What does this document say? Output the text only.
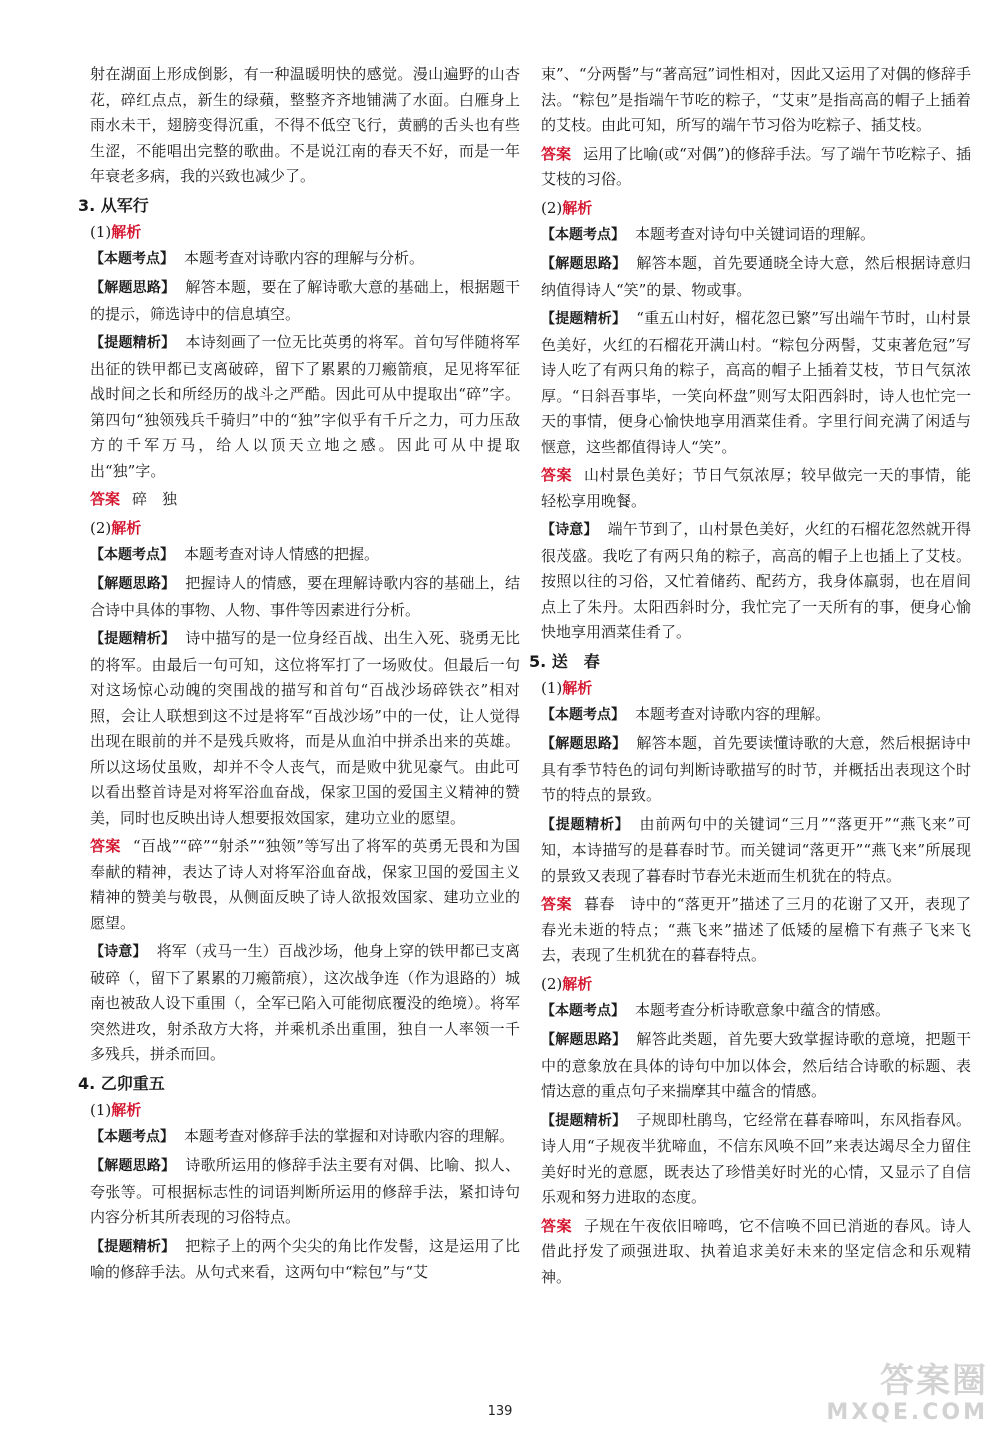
射在湖面上形成倒影，有一种温暖明快的感觉。漫山遍野的山杏花，碎红点点，新生的绿蘋，整整齐齐地铺满了水面。白雁身上雨水未干，翅膀变得沉重，不得不低空飞行，黄鹂的舌头也有些生涩，不能唱出完整的歌曲。不是说江南的春天不好，而是一年年衰老多病，我的兴致也减少了。

3. 从军行
(1)解析

【本题考点】 本题考查对诗歌内容的理解与分析。

【解题思路】 解答本题，要在了解诗歌大意的基础上，根据题干的提示，筛选诗中的信息填空。

【提题精析】 本诗刻画了一位无比英勇的将军。首句写伴随将军出征的铁甲都已支离破碎，留下了累累的刀瘢箭痕，足见将军征战时间之长和所经历的战斗之严酷。因此可从中提取出“碎”字。第四句“独领残兵千骑归”中的“独”字似乎有千斤之力，可力压敌方的千军万马，给人以顶天立地之感。因此可从中提取出“独”字。

答案 碎　独

(2)解析

【本题考点】 本题考查对诗人情感的把握。

【解题思路】 把握诗人的情感，要在理解诗歌内容的基础上，结合诗中具体的事物、人物、事件等因素进行分析。

【提题精析】 诗中描写的是一位身经百战、出生入死、骁勇无比的将军。由最后一句可知，这位将军打了一场败仗。但最后一句对这场惊心动魄的突围战的描写和首句“百战沙场碎铁衣”相对照，会让人联想到这不过是将军“百战沙场”中的一仗，让人觉得出现在眼前的并不是残兵败将，而是从血泊中拼杀出来的英雄。所以这场仗虽败，却并不令人丧气，而是败中犹见豪气。由此可以看出整首诗是对将军浴血奋战，保家卫国的爱国主义精神的赞美，同时也反映出诗人想要报效国家，建功立业的愿望。

答案 “百战”“碎”“射杀”“独领”等写出了将军的英勇无畏和为国奉献的精神，表达了诗人对将军浴血奋战，保家卫国的爱国主义精神的赞美与敬畏，从侧面反映了诗人欲报效国家、建功立业的愿望。

【诗意】 将军（戎马一生）百战沙场，他身上穿的铁甲都已支离破碎（，留下了累累的刀瘢箭痕），这次战争连（作为退路的）城南也被敌人设下重围（，全军已陷入可能彻底覆没的绝境）。将军突然进攻，射杀敌方大将，并乘机杀出重围，独自一人率领一千多残兵，拼杀而回。

4. 乙卯重五
(1)解析

【本题考点】 本题考查对修辞手法的掌握和对诗歌内容的理解。

【解题思路】 诗歌所运用的修辞手法主要有对偶、比喻、拟人、夸张等。可根据标志性的词语判断所运用的修辞手法，紧扣诗句内容分析其所表现的习俗特点。

【提题精析】 把粽子上的两个尖尖的角比作发髻，这是运用了比喻的修辞手法。从句式来看，这两句中“粽包”与“艾

束”、“分两髻”与“著高冠”词性相对，因此又运用了对偶的修辞手法。“粽包”是指端午节吃的粽子，“艾束”是指高高的帽子上插着的艾枝。由此可知，所写的端午节习俗为吃粽子、插艾枝。

答案 运用了比喻(或“对偶”)的修辞手法。写了端午节吃粽子、插艾枝的习俗。

(2)解析

【本题考点】 本题考查对诗句中关键词语的理解。

【解题思路】 解答本题，首先要通晓全诗大意，然后根据诗意归纳值得诗人“笑”的景、物或事。

【提题精析】 “重五山村好，榴花忽已繁”写出端午节时，山村景色美好，火红的石榴花开满山村。“粽包分两髻，艾束著危冠”写诗人吃了有两只角的粽子，高高的帽子上插着艾枝，节日气氛浓厚。“日斜吾事毕，一笑向杯盘”则写太阳西斜时，诗人也忙完一天的事情，便身心愉快地享用酒菜佳肴。字里行间充满了闲适与惬意，这些都值得诗人“笑”。

答案 山村景色美好；节日气氛浓厚；较早做完一天的事情，能轻松享用晚餐。

【诗意】 端午节到了，山村景色美好，火红的石榴花忽然就开得很茂盛。我吃了有两只角的粽子，高高的帽子上也插上了艾枝。按照以往的习俗，又忙着储药、配药方，我身体羸弱，也在眉间点上了朱丹。太阳西斜时分，我忙完了一天所有的事，便身心愉快地享用酒菜佳肴了。

5. 送　春
(1)解析

【本题考点】 本题考查对诗歌内容的理解。

【解题思路】 解答本题，首先要读懂诗歌的大意，然后根据诗中具有季节特色的词句判断诗歌描写的时节，并概括出表现这个时节的特点的景致。

【提题精析】 由前两句中的关键词“三月”“落更开”“燕飞来”可知，本诗描写的是暮春时节。而关键词“落更开”“燕飞来”所展现的景致又表现了暮春时节春光未逝而生机犹在的特点。

答案 暮春　诗中的“落更开”描述了三月的花谢了又开，表现了春光未逝的特点；“燕飞来”描述了低矮的屋檐下有燕子飞来飞去，表现了生机犹在的暮春特点。

(2)解析

【本题考点】 本题考查分析诗歌意象中蕴含的情感。

【解题思路】 解答此类题，首先要大致掌握诗歌的意境，把题干中的意象放在具体的诗句中加以体会，然后结合诗歌的标题、表情达意的重点句子来揣摩其中蕴含的情感。

【提题精析】 子规即杜鹃鸟，它经常在暮春啼叫，东风指春风。诗人用“子规夜半犹啼血，不信东风唤不回”来表达竭尽全力留住美好时光的意愿，既表达了珍惜美好时光的心情，又显示了自信乐观和努力进取的态度。

答案 子规在午夜依旧啼鸣，它不信唤不回已消逝的春风。诗人借此抒发了顽强进取、执着追求美好未来的坚定信念和乐观精神。

139
答案圈
MXQE.COM
